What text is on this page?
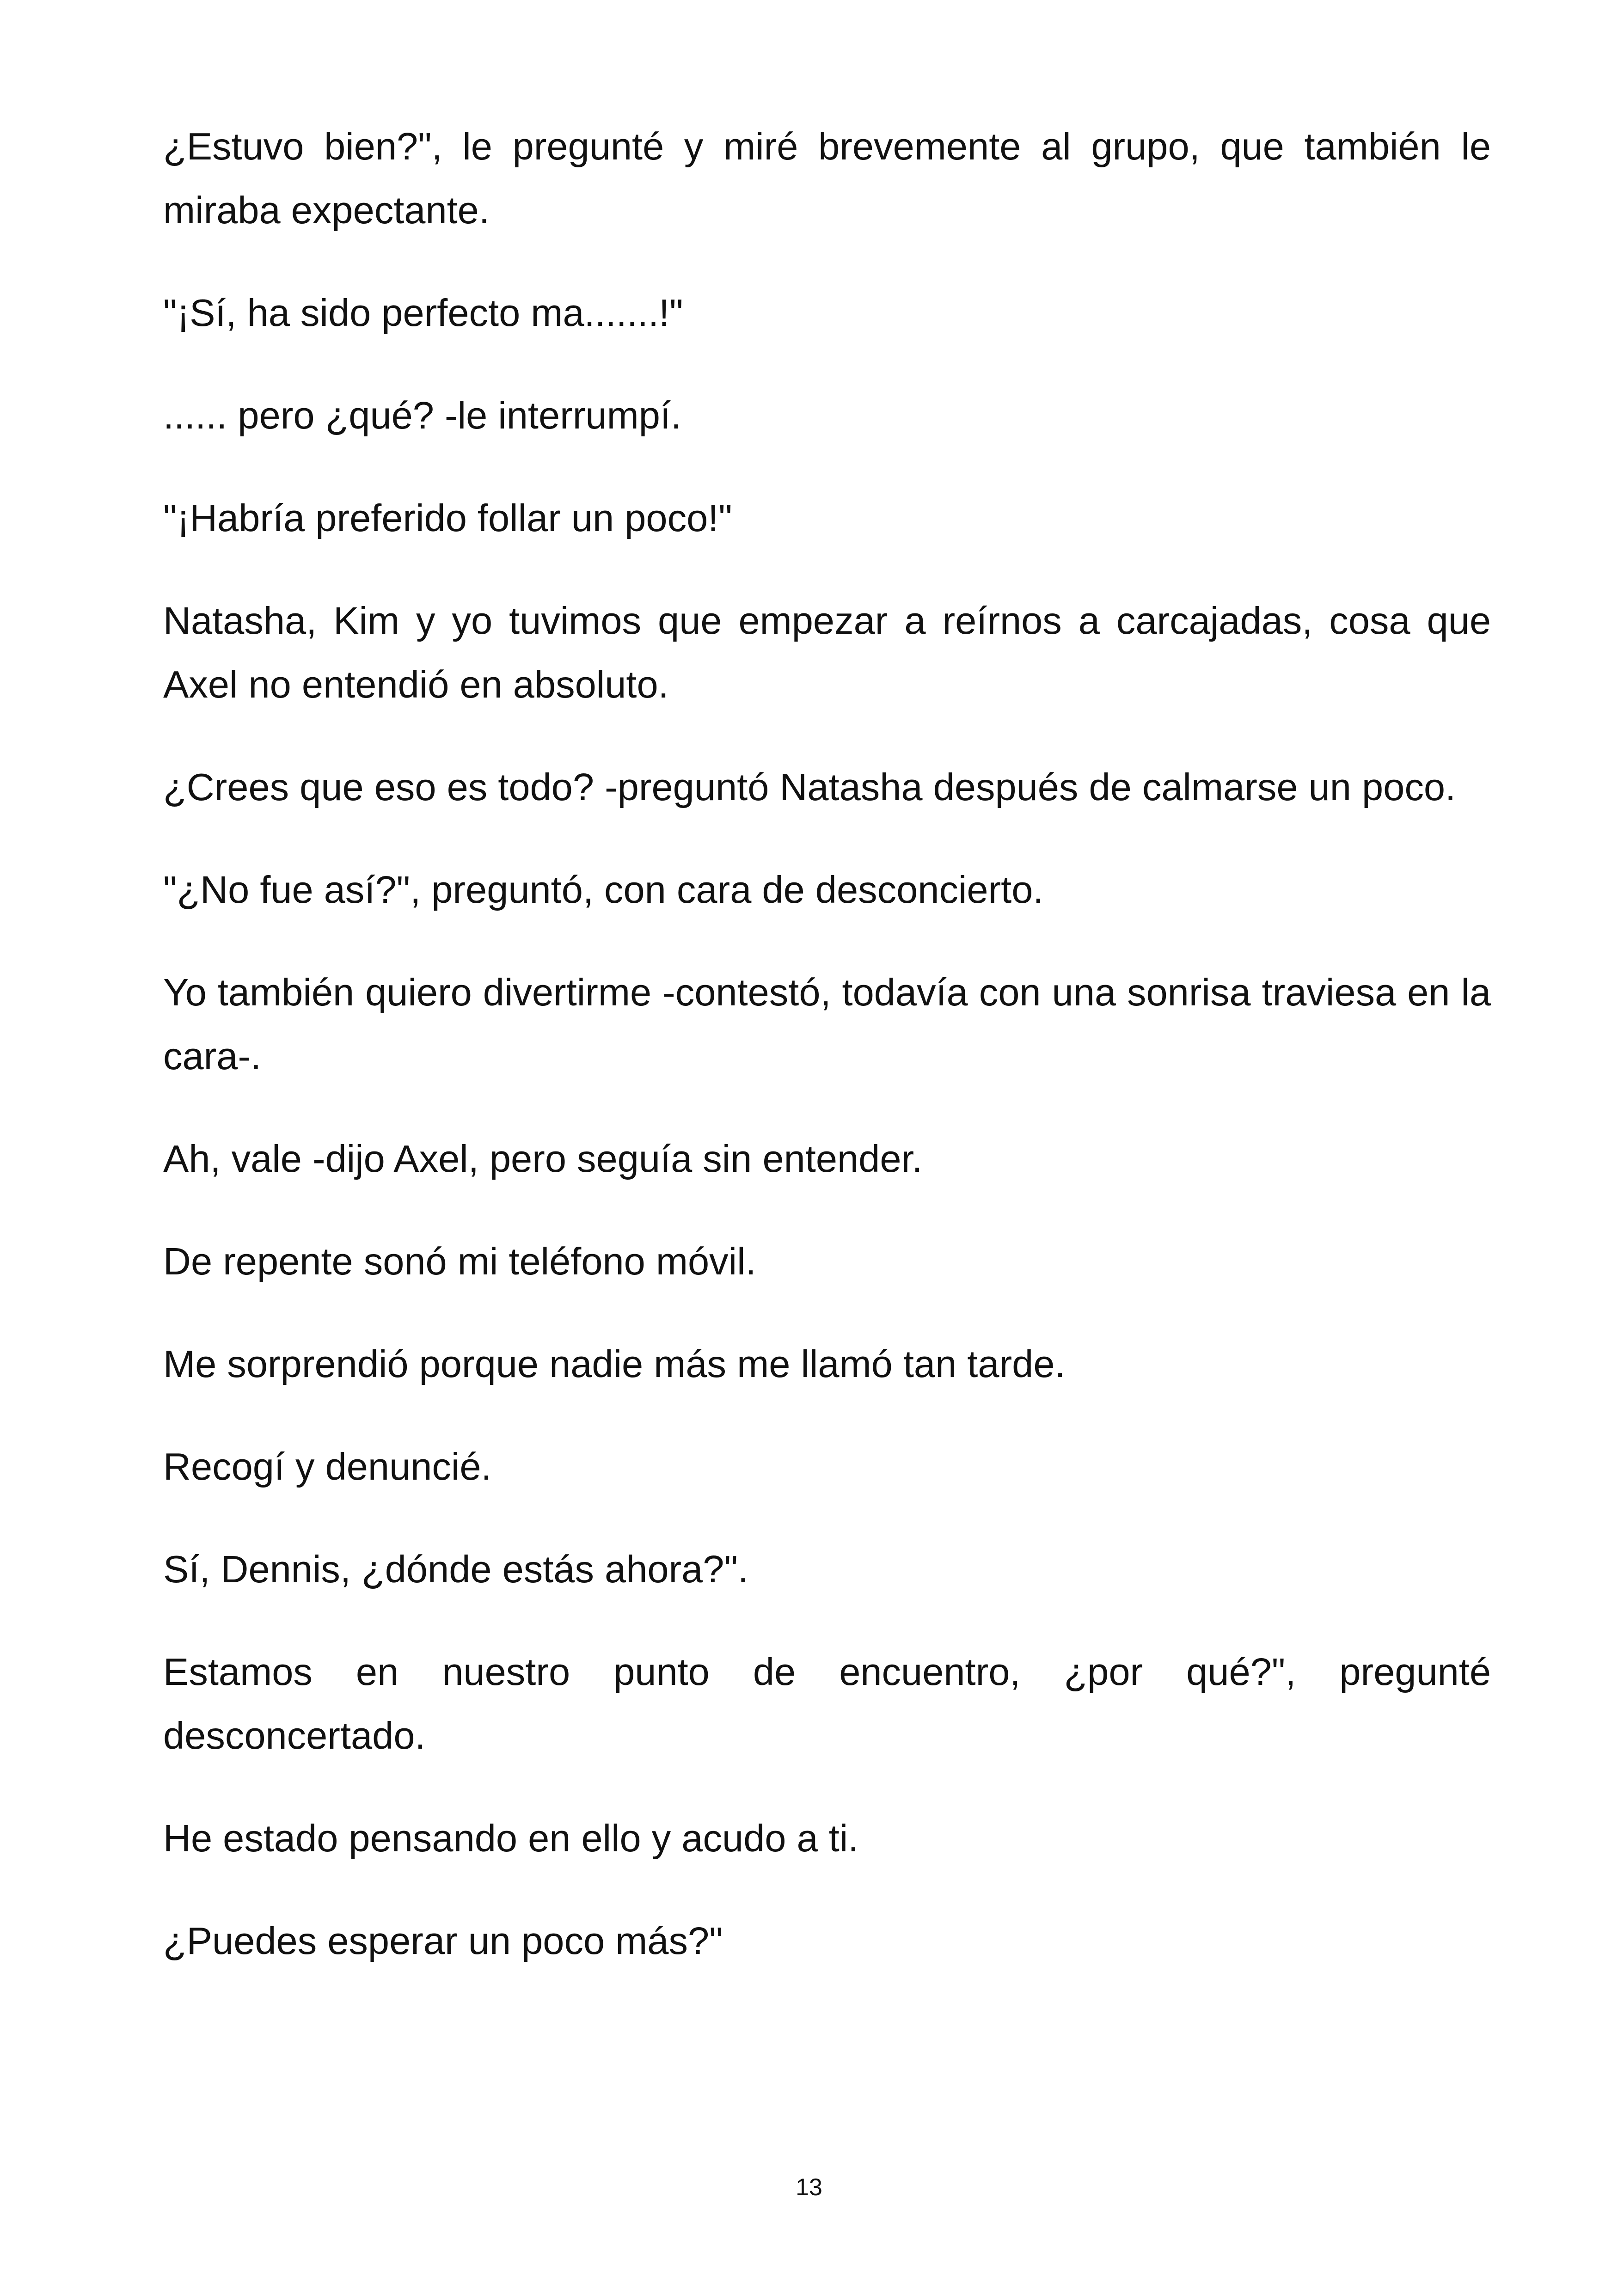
¿Estuvo bien?", le pregunté y miré brevemente al grupo, que también le miraba expectante.

"¡Sí, ha sido perfecto ma.......!"

...... pero ¿qué? -le interrumpí.

"¡Habría preferido follar un poco!"

Natasha, Kim y yo tuvimos que empezar a reírnos a carcajadas, cosa que Axel no entendió en absoluto.

¿Crees que eso es todo? -preguntó Natasha después de calmarse un poco.

"¿No fue así?", preguntó, con cara de desconcierto.

Yo también quiero divertirme -contestó, todavía con una sonrisa traviesa en la cara-.

Ah, vale -dijo Axel, pero seguía sin entender.

De repente sonó mi teléfono móvil.

Me sorprendió porque nadie más me llamó tan tarde.

Recogí y denuncié.

Sí, Dennis, ¿dónde estás ahora?".

Estamos en nuestro punto de encuentro, ¿por qué?", pregunté desconcertado.

He estado pensando en ello y acudo a ti.

¿Puedes esperar un poco más?"

13
